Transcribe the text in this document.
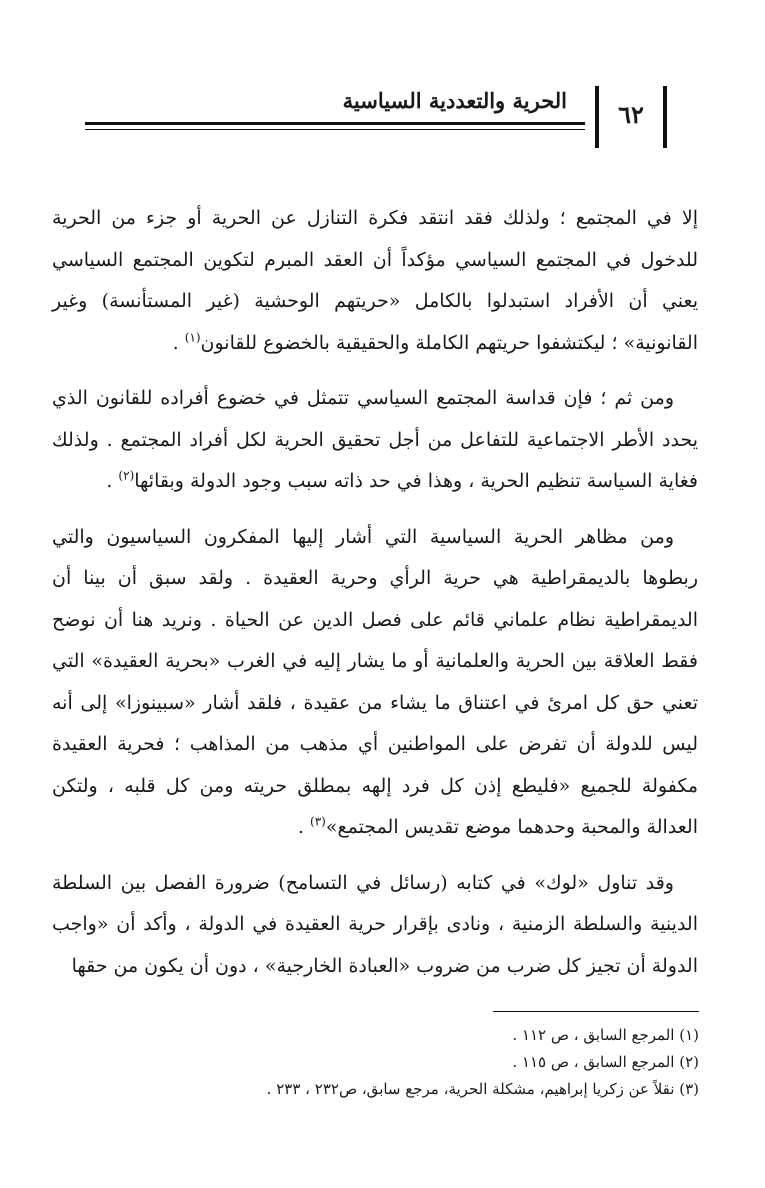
الحرية والتعددية السياسية	٦٢

إلا في المجتمع ؛ ولذلك فقد انتقد فكرة التنازل عن الحرية أو جزء من الحرية للدخول في المجتمع السياسي مؤكداً أن العقد المبرم لتكوين المجتمع السياسي يعني أن الأفراد استبدلوا بالكامل «حريتهم الوحشية (غير المستأنسة) وغير القانونية» ؛ ليكتشفوا حريتهم الكاملة والحقيقية بالخضوع للقانون$^{(١)}$ .

ومن ثم ؛ فإن قداسة المجتمع السياسي تتمثل في خضوع أفراده للقانون الذي يحدد الأطر الاجتماعية للتفاعل من أجل تحقيق الحرية لكل أفراد المجتمع . ولذلك فغاية السياسة تنظيم الحرية ، وهذا في حد ذاته سبب وجود الدولة وبقائها$^{(٢)}$ .

ومن مظاهر الحرية السياسية التي أشار إليها المفكرون السياسيون والتي ربطوها بالديمقراطية هي حرية الرأي وحرية العقيدة . ولقد سبق أن بينا أن الديمقراطية نظام علماني قائم على فصل الدين عن الحياة . ونريد هنا أن نوضح فقط العلاقة بين الحرية والعلمانية أو ما يشار إليه في الغرب «بحرية العقيدة» التي تعني حق كل امرئ في اعتناق ما يشاء من عقيدة ، فلقد أشار «سبينوزا» إلى أنه ليس للدولة أن تفرض على المواطنين أي مذهب من المذاهب ؛ فحرية العقيدة مكفولة للجميع «فليطع إذن كل فرد إلهه بمطلق حريته ومن كل قلبه ، ولتكن العدالة والمحبة وحدهما موضع تقديس المجتمع»$^{(٣)}$ .

وقد تناول «لوك» في كتابه (رسائل في التسامح) ضرورة الفصل بين السلطة الدينية والسلطة الزمنية ، ونادى بإقرار حرية العقيدة في الدولة ، وأكد أن «واجب الدولة أن تجيز كل ضرب من ضروب «العبادة الخارجية» ، دون أن يكون من حقها

(١) المرجع السابق ، ص ١١٢ .
(٢) المرجع السابق ، ص ١١٥ .
(٣) نقلاً عن زكريا إبراهيم، مشكلة الحرية، مرجع سابق، ص٢٣٢ ، ٢٣٣ .
